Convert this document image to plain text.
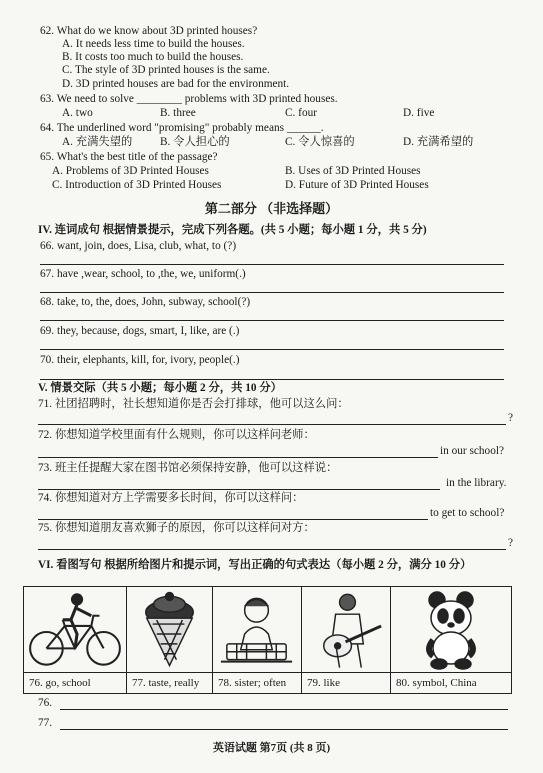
62. What do we know about 3D printed houses?
A. It needs less time to build the houses.
B. It costs too much to build the houses.
C. The style of 3D printed houses is the same.
D. 3D printed houses are bad for the environment.
63. We need to solve ________ problems with 3D printed houses.
A. two	B. three	C. four	D. five
64. The underlined word "promising" probably means ______.
A. 充满失望的 B. 令人担心的	C. 令人惊喜的	D. 充满希望的
65. What's the best title of the passage?
A. Problems of 3D Printed Houses	B. Uses of 3D Printed Houses
C. Introduction of 3D Printed Houses	D. Future of 3D Printed Houses
第二部分 （非选择题）
IV. 连词成句 根据情景提示，完成下列各题。(共 5 小题；每小题 1 分，共 5 分)
66. want, join, does, Lisa, club, what, to (?)
67. have ,wear, school, to ,the, we, uniform(.)
68. take, to, the, does, John, subway, school(?)
69. they, because, dogs, smart, I, like, are (.)
70. their, elephants, kill, for, ivory, people(.)
V. 情景交际（共 5 小题；每小题 2 分，共 10 分）
71. 社团招聘时，社长想知道你是否会打排球，他可以这么问：
?
72. 你想知道学校里面有什么规则，你可以这样问老师：
in our school?
73. 班主任提醒大家在图书馆必须保持安静，他可以这样说：
in the library.
74. 你想知道对方上学需要多长时间，你可以这样问：
to get to school?
75. 你想知道朋友喜欢狮子的原因，你可以这样问对方：
?
VI. 看图写句 根据所给图片和提示词，写出正确的句式表达（每小题 2 分，满分 10 分）
76. go, school	77. taste, really	78. sister; often	79. like	80. symbol, China
76.
77.
英语试题 第7页 (共 8 页)
